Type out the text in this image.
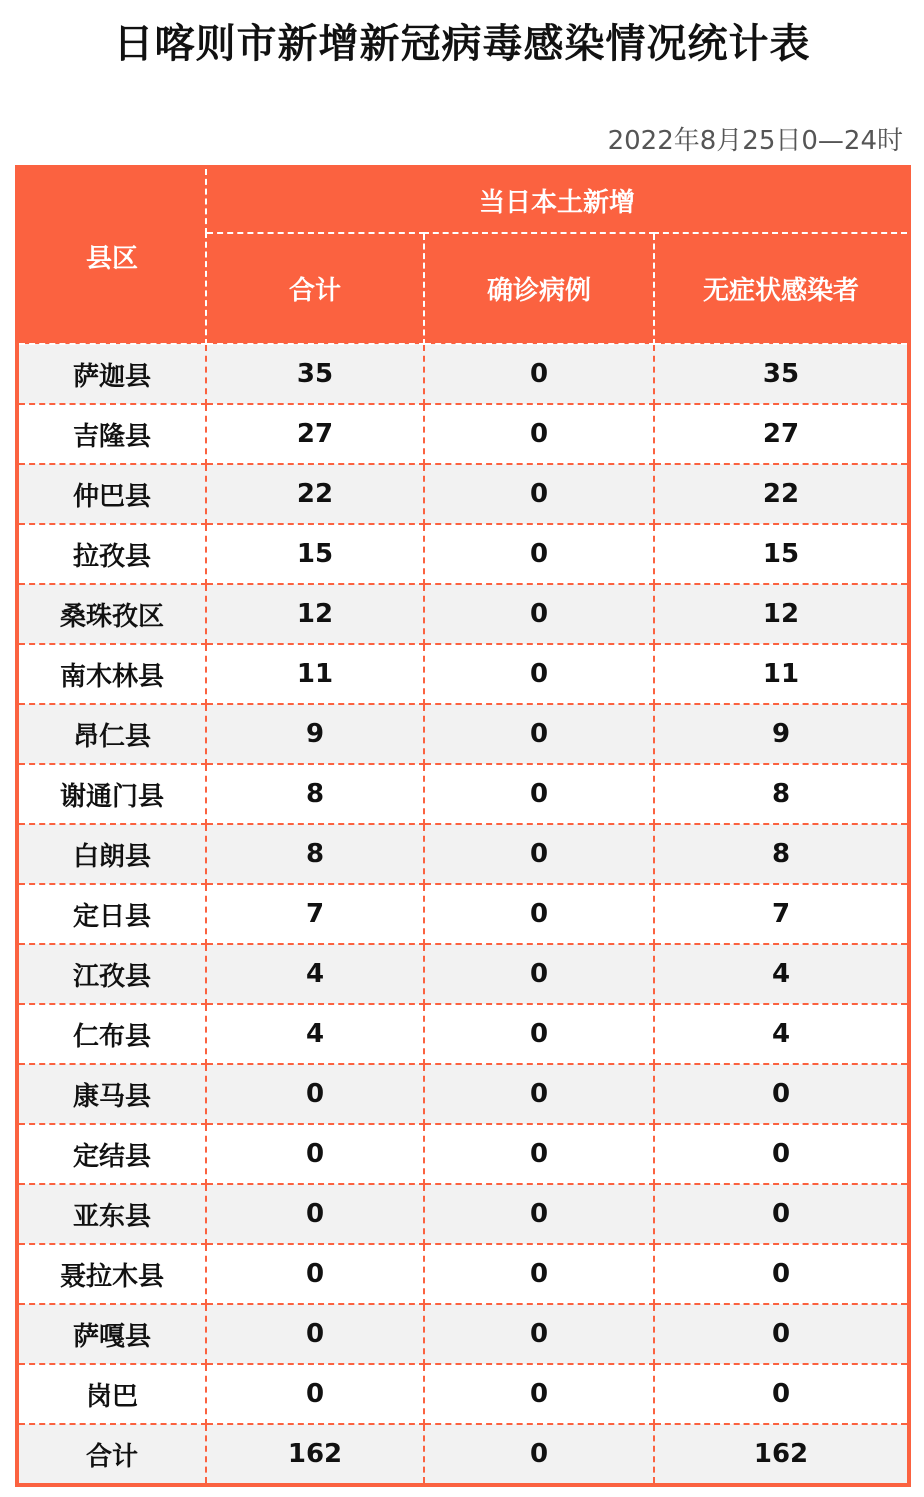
日喀则市新增新冠病毒感染情况统计表
2022年8月25日0—24时
县区	当日本土新增		
	合计	确诊病例	无症状感染者
萨迦县	35	0	35
吉隆县	27	0	27
仲巴县	22	0	22
拉孜县	15	0	15
桑珠孜区	12	0	12
南木林县	11	0	11
昂仁县	9	0	9
谢通门县	8	0	8
白朗县	8	0	8
定日县	7	0	7
江孜县	4	0	4
仁布县	4	0	4
康马县	0	0	0
定结县	0	0	0
亚东县	0	0	0
聂拉木县	0	0	0
萨嘎县	0	0	0
岗巴	0	0	0
合计	162	0	162
